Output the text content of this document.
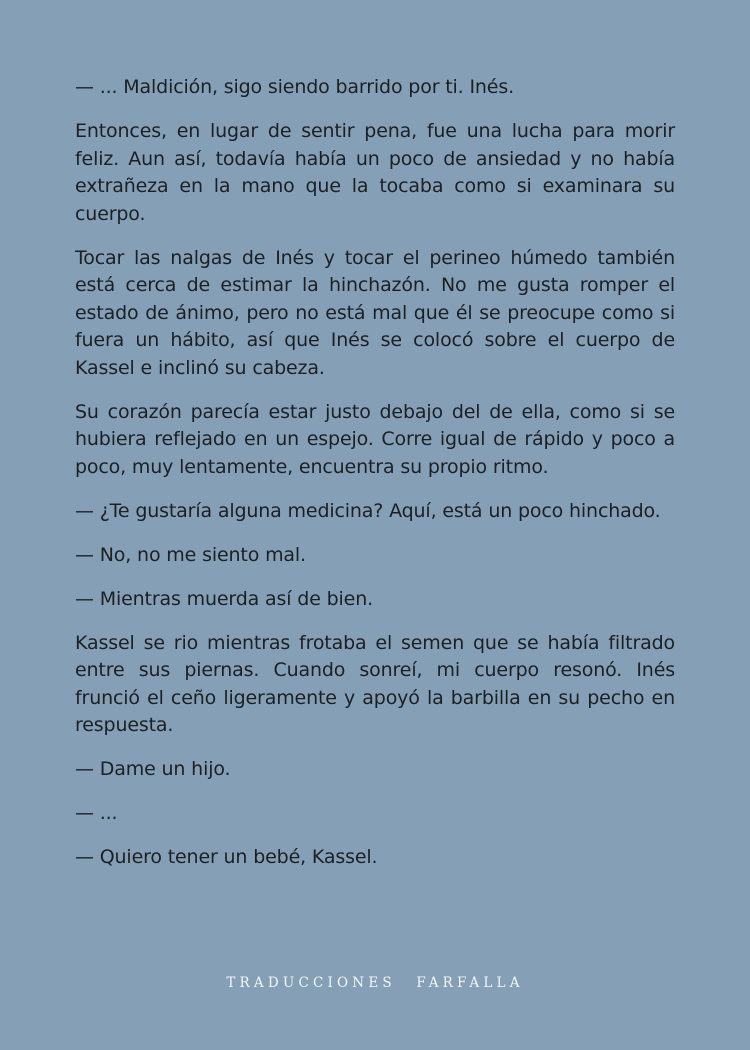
— ... Maldición, sigo siendo barrido por ti. Inés.

Entonces, en lugar de sentir pena, fue una lucha para morir feliz. Aun así, todavía había un poco de ansiedad y no había extrañeza en la mano que la tocaba como si examinara su cuerpo.

Tocar las nalgas de Inés y tocar el perineo húmedo también está cerca de estimar la hinchazón. No me gusta romper el estado de ánimo, pero no está mal que él se preocupe como si fuera un hábito, así que Inés se colocó sobre el cuerpo de Kassel e inclinó su cabeza.

Su corazón parecía estar justo debajo del de ella, como si se hubiera reflejado en un espejo. Corre igual de rápido y poco a poco, muy lentamente, encuentra su propio ritmo.

— ¿Te gustaría alguna medicina? Aquí, está un poco hinchado.

— No, no me siento mal.

— Mientras muerda así de bien.

Kassel se rio mientras frotaba el semen que se había filtrado entre sus piernas. Cuando sonreí, mi cuerpo resonó. Inés frunció el ceño ligeramente y apoyó la barbilla en su pecho en respuesta.

— Dame un hijo.

— ...

— Quiero tener un bebé, Kassel.

TRADUCCIONES FARFALLA
